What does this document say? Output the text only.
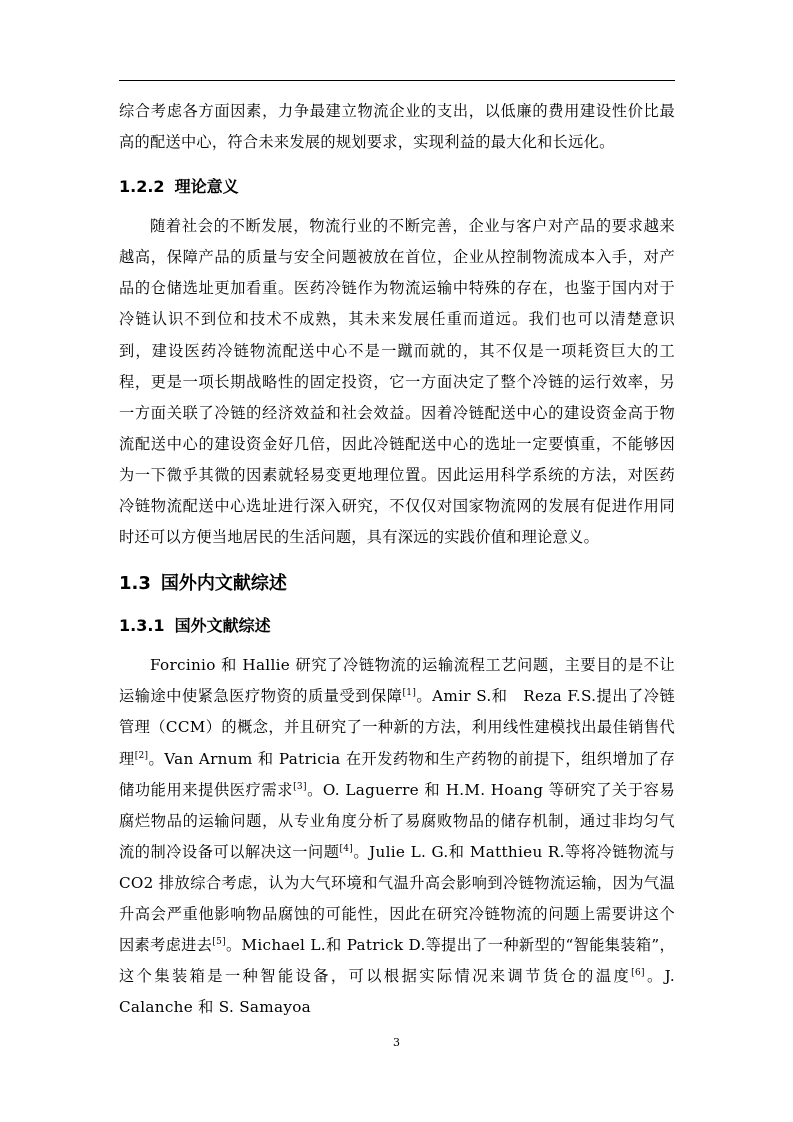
综合考虑各方面因素，力争最建立物流企业的支出，以低廉的费用建设性价比最高的配送中心，符合未来发展的规划要求，实现利益的最大化和长远化。

1.2.2 理论意义

随着社会的不断发展，物流行业的不断完善，企业与客户对产品的要求越来越高，保障产品的质量与安全问题被放在首位，企业从控制物流成本入手，对产品的仓储选址更加看重。医药冷链作为物流运输中特殊的存在，也鉴于国内对于冷链认识不到位和技术不成熟，其未来发展任重而道远。我们也可以清楚意识到，建设医药冷链物流配送中心不是一蹴而就的，其不仅是一项耗资巨大的工程，更是一项长期战略性的固定投资，它一方面决定了整个冷链的运行效率，另一方面关联了冷链的经济效益和社会效益。因着冷链配送中心的建设资金高于物流配送中心的建设资金好几倍，因此冷链配送中心的选址一定要慎重，不能够因为一下微乎其微的因素就轻易变更地理位置。因此运用科学系统的方法，对医药冷链物流配送中心选址进行深入研究，不仅仅对国家物流网的发展有促进作用同时还可以方便当地居民的生活问题，具有深远的实践价值和理论意义。

1.3 国外内文献综述
1.3.1 国外文献综述

Forcinio 和 Hallie 研究了冷链物流的运输流程工艺问题，主要目的是不让运输途中使紧急医疗物资的质量受到保障[1]。Amir S.和　Reza F.S.提出了冷链管理（CCM）的概念，并且研究了一种新的方法，利用线性建模找出最佳销售代理[2]。Van Arnum 和 Patricia 在开发药物和生产药物的前提下，组织增加了存储功能用来提供医疗需求[3]。O. Laguerre 和 H.M. Hoang 等研究了关于容易腐烂物品的运输问题，从专业角度分析了易腐败物品的储存机制，通过非均匀气流的制冷设备可以解决这一问题[4]。Julie L. G.和 Matthieu R.等将冷链物流与　CO2 排放综合考虑，认为大气环境和气温升高会影响到冷链物流运输，因为气温升高会严重他影响物品腐蚀的可能性，因此在研究冷链物流的问题上需要讲这个因素考虑进去[5]。Michael L.和 Patrick D.等提出了一种新型的“智能集装箱”，这个集装箱是一种智能设备，可以根据实际情况来调节货仓的温度[6]。J. Calanche 和 S. Samayoa

3
